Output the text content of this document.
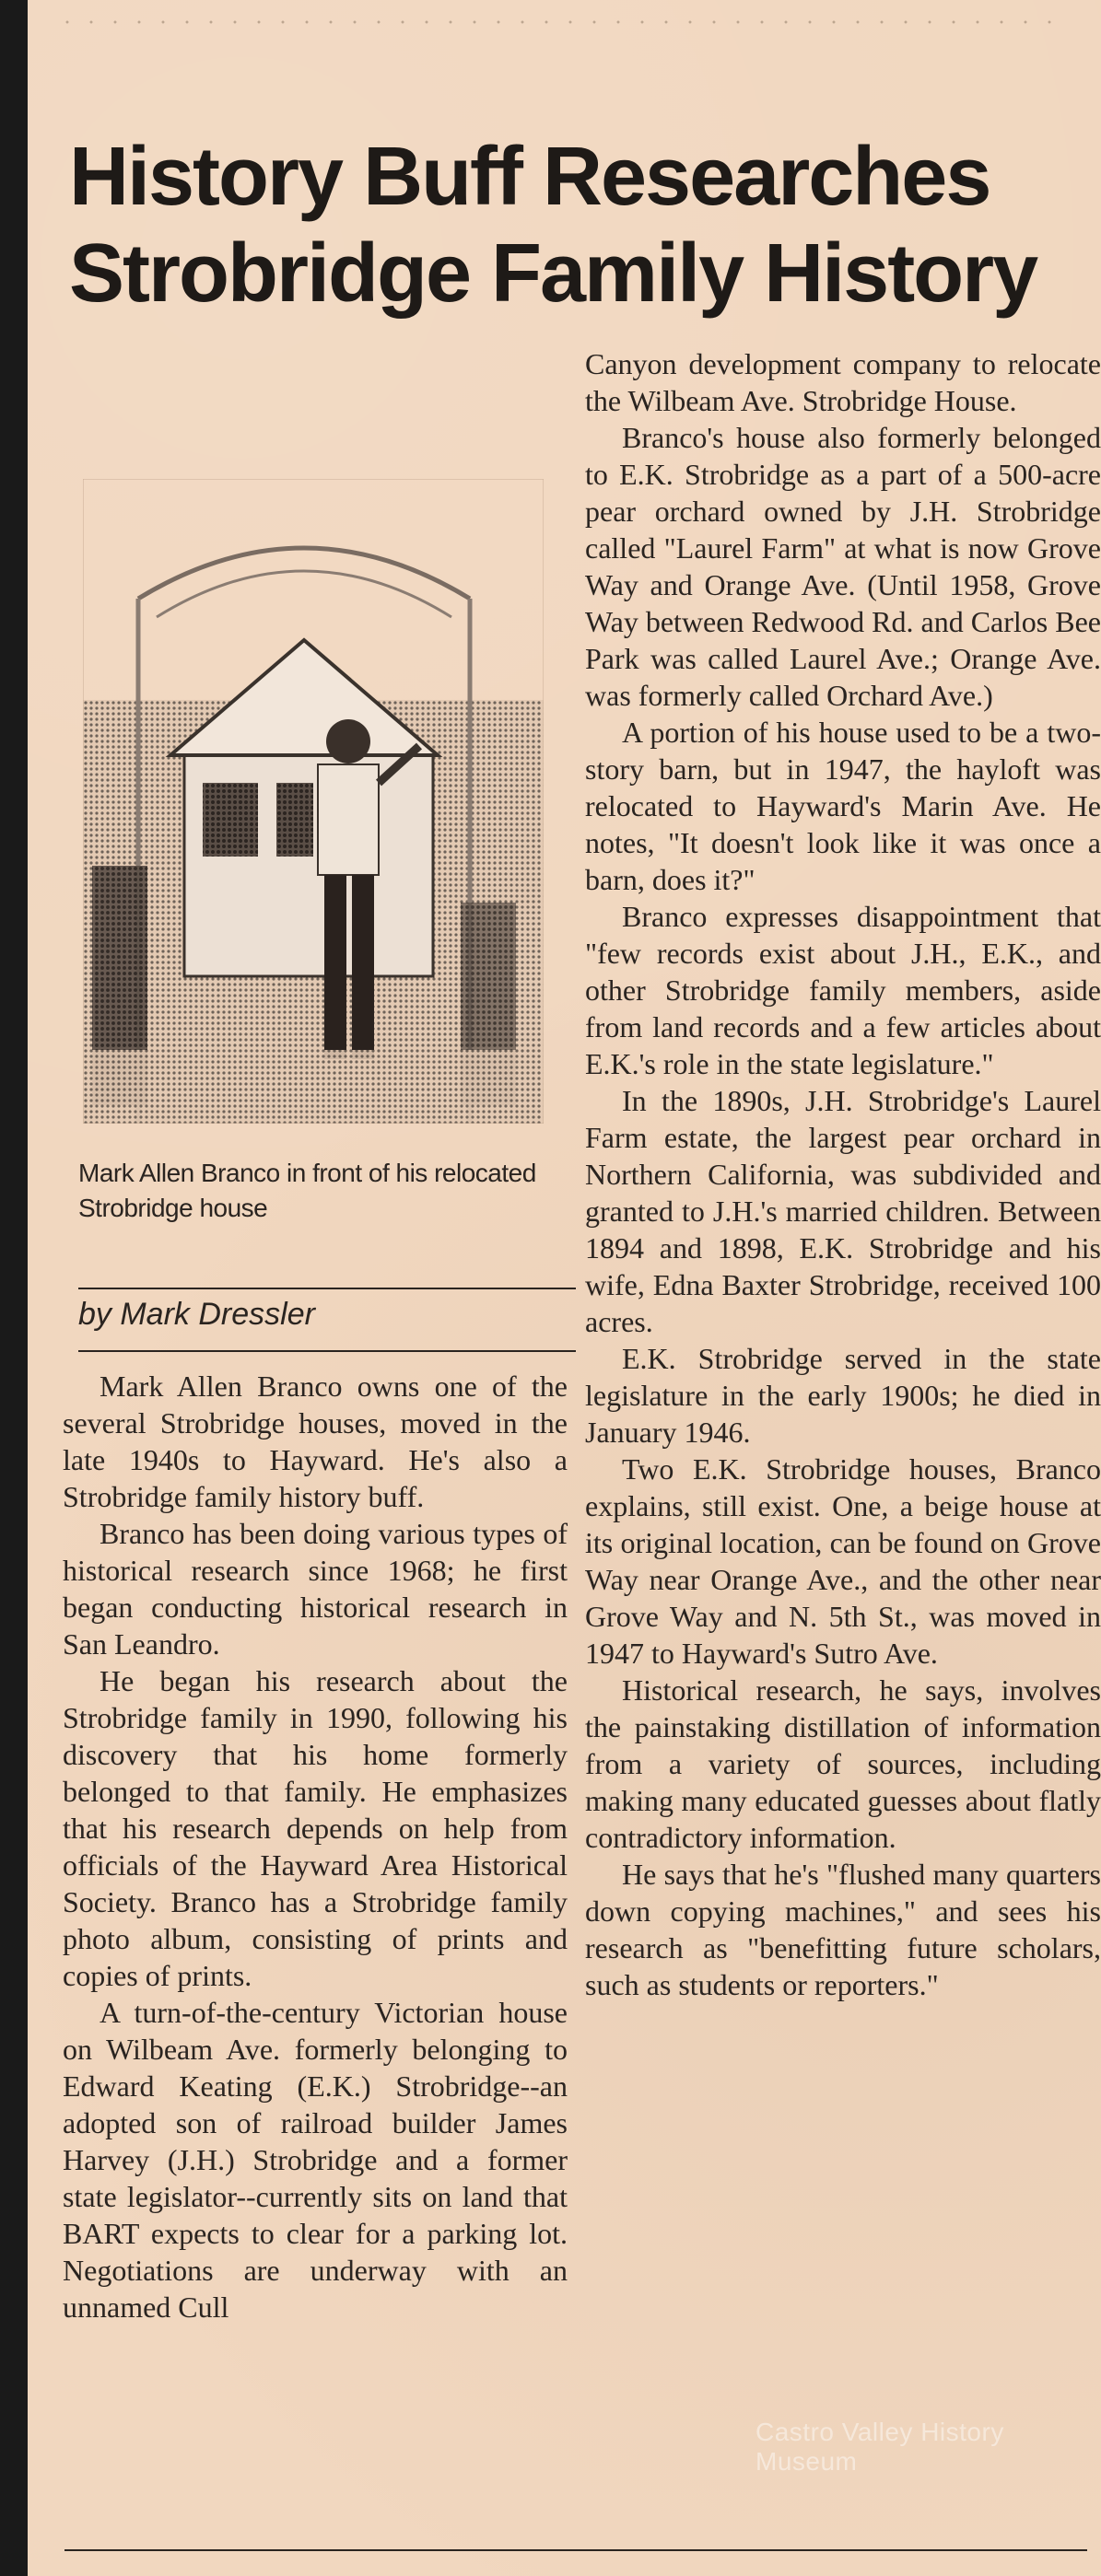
History Buff Researches
Strobridge Family History

Mark Allen Branco in front of his relocated Strobridge house

by Mark Dressler

Mark Allen Branco owns one of the several Strobridge houses, moved in the late 1940s to Hayward. He's also a Strobridge family history buff.

Branco has been doing various types of historical research since 1968; he first began conducting historical research in San Leandro.

He began his research about the Strobridge family in 1990, following his discovery that his home formerly belonged to that family. He emphasizes that his research depends on help from officials of the Hayward Area Historical Society. Branco has a Strobridge family photo album, consisting of prints and copies of prints.

A turn-of-the-century Victorian house on Wilbeam Ave. formerly belonging to Edward Keating (E.K.) Strobridge--an adopted son of railroad builder James Harvey (J.H.) Strobridge and a former state legislator--currently sits on land that BART expects to clear for a parking lot. Negotiations are underway with an unnamed Cull

Canyon development company to relocate the Wilbeam Ave. Strobridge House.

Branco's house also formerly belonged to E.K. Strobridge as a part of a 500-acre pear orchard owned by J.H. Strobridge called "Laurel Farm" at what is now Grove Way and Orange Ave. (Until 1958, Grove Way between Redwood Rd. and Carlos Bee Park was called Laurel Ave.; Orange Ave. was formerly called Orchard Ave.)

A portion of his house used to be a two-story barn, but in 1947, the hayloft was relocated to Hayward's Marin Ave. He notes, "It doesn't look like it was once a barn, does it?"

Branco expresses disappointment that "few records exist about J.H., E.K., and other Strobridge family members, aside from land records and a few articles about E.K.'s role in the state legislature."

In the 1890s, J.H. Strobridge's Laurel Farm estate, the largest pear orchard in Northern California, was subdivided and granted to J.H.'s married children. Between 1894 and 1898, E.K. Strobridge and his wife, Edna Baxter Strobridge, received 100 acres.

E.K. Strobridge served in the state legislature in the early 1900s; he died in January 1946.

Two E.K. Strobridge houses, Branco explains, still exist. One, a beige house at its original location, can be found on Grove Way near Orange Ave., and the other near Grove Way and N. 5th St., was moved in 1947 to Hayward's Sutro Ave.

Historical research, he says, involves the painstaking distillation of information from a variety of sources, including making many educated guesses about flatly contradictory information.

He says that he's "flushed many quarters down copying machines," and sees his research as "benefitting future scholars, such as students or reporters."

Castro Valley History Museum
